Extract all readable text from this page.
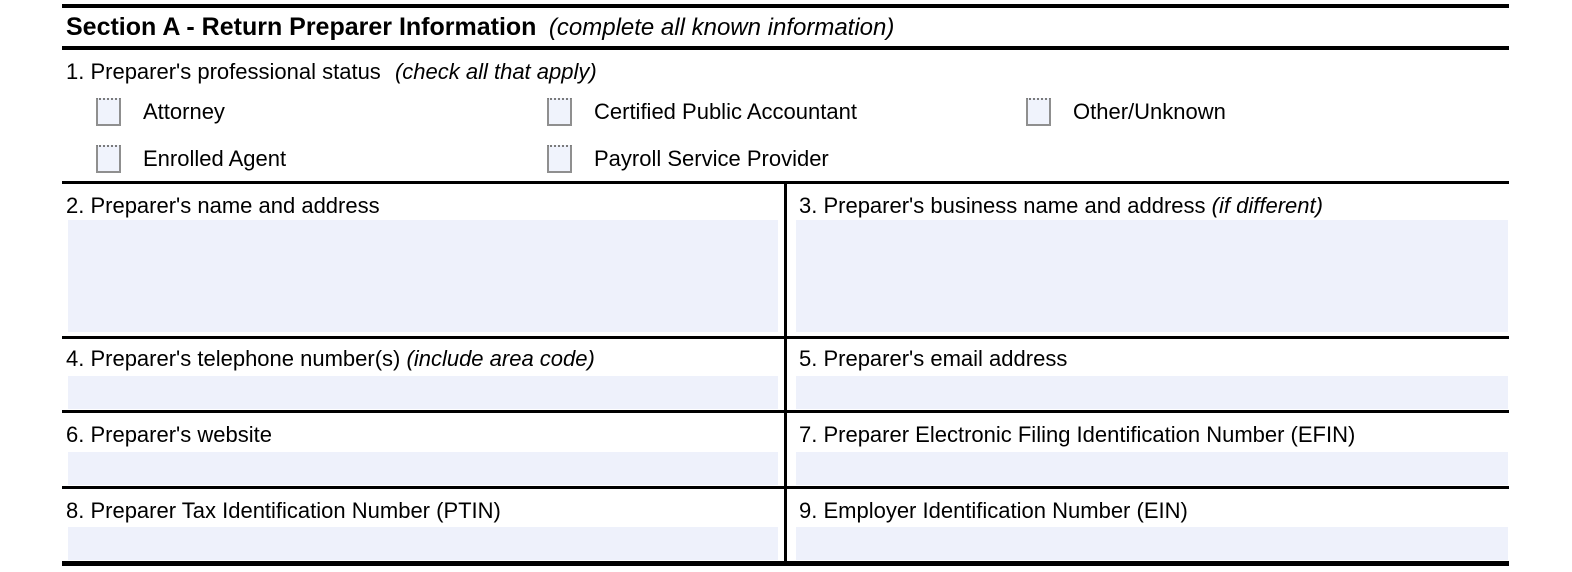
Section A - Return Preparer Information (complete all known information)
1. Preparer's professional status (check all that apply)
Attorney	Certified Public Accountant	Other/Unknown
Enrolled Agent	Payroll Service Provider
2. Preparer's name and address	3. Preparer's business name and address (if different)
4. Preparer's telephone number(s) (include area code)	5. Preparer's email address
6. Preparer's website	7. Preparer Electronic Filing Identification Number (EFIN)
8. Preparer Tax Identification Number (PTIN)	9. Employer Identification Number (EIN)
